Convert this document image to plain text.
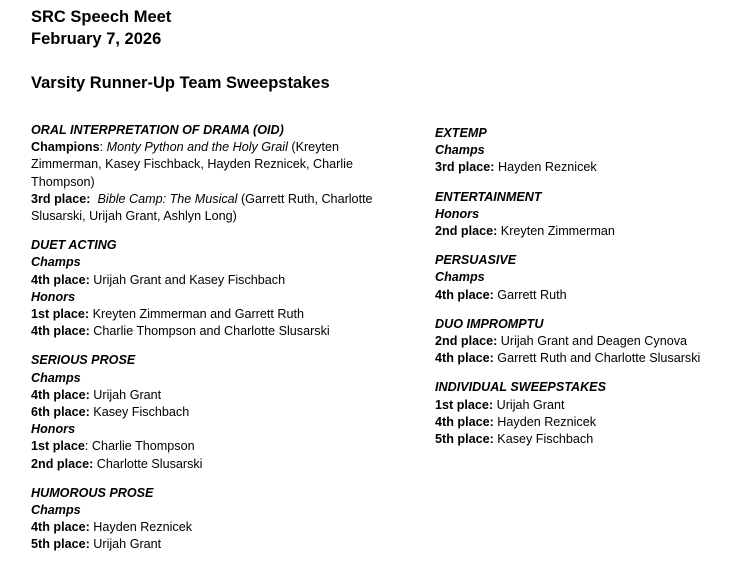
SRC Speech Meet

February 7, 2026

Varsity Runner-Up Team Sweepstakes

ORAL INTERPRETATION OF DRAMA (OID)
Champions: Monty Python and the Holy Grail (Kreyten Zimmerman, Kasey Fischback, Hayden Reznicek, Charlie Thompson)
3rd place: Bible Camp: The Musical (Garrett Ruth, Charlotte Slusarski, Urijah Grant, Ashlyn Long)
DUET ACTING
Champs
4th place: Urijah Grant and Kasey Fischbach
Honors
1st place: Kreyten Zimmerman and Garrett Ruth
4th place: Charlie Thompson and Charlotte Slusarski
SERIOUS PROSE
Champs
4th place: Urijah Grant
6th place: Kasey Fischbach
Honors
1st place: Charlie Thompson
2nd place: Charlotte Slusarski
HUMOROUS PROSE
Champs
4th place: Hayden Reznicek
5th place: Urijah Grant
EXTEMP
Champs
3rd place: Hayden Reznicek
ENTERTAINMENT
Honors
2nd place: Kreyten Zimmerman
PERSUASIVE
Champs
4th place: Garrett Ruth
DUO IMPROMPTU
2nd place: Urijah Grant and Deagen Cynova
4th place: Garrett Ruth and Charlotte Slusarski
INDIVIDUAL SWEEPSTAKES
1st place: Urijah Grant
4th place: Hayden Reznicek
5th place: Kasey Fischbach
